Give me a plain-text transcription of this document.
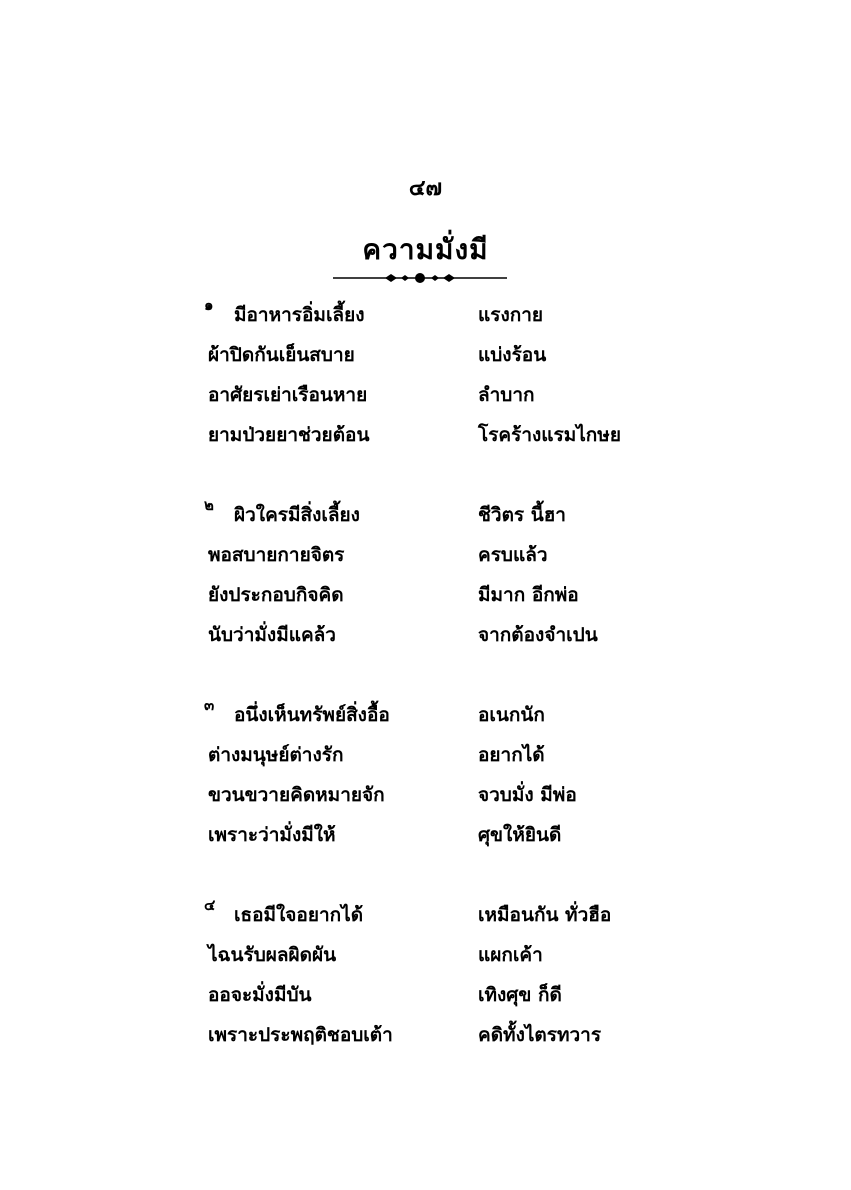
๔๗
ความมั่งมี
๑ มีอาหารอิ่มเลี้ยง	แรงกาย
ผ้าปิดกันเย็นสบาย	แบ่งร้อน
อาศัยรเย่าเรือนหาย	ลำบาก
ยามป่วยยาช่วยต้อน	โรคร้างแรมไกษย
๒ ผิวใครมีสิ่งเลี้ยง	ชีวิตร นี้ฮา
พอสบายกายจิตร	ครบแล้ว
ยังประกอบกิจคิด	มีมาก อีกพ่อ
นับว่ามั่งมีแคล้ว	จากต้องจำเปน
๓ อนึ่งเห็นทรัพย์สิ่งอื้อ	อเนกนัก
ต่างมนุษย์ต่างรัก	อยากได้
ขวนขวายคิดหมายจัก	จวบมั่ง มีพ่อ
เพราะว่ามั่งมีให้	ศุขให้ยินดี
๔ เธอมีใจอยากได้	เหมือนกัน ทั่วฮือ
ไฉนรับผลผิดผัน	แผกเค้า
ออจะมั่งมีบัน	เทิงศุข ก็ดี
เพราะประพฤติชอบเต้า	คดิทั้งไตรทวาร
